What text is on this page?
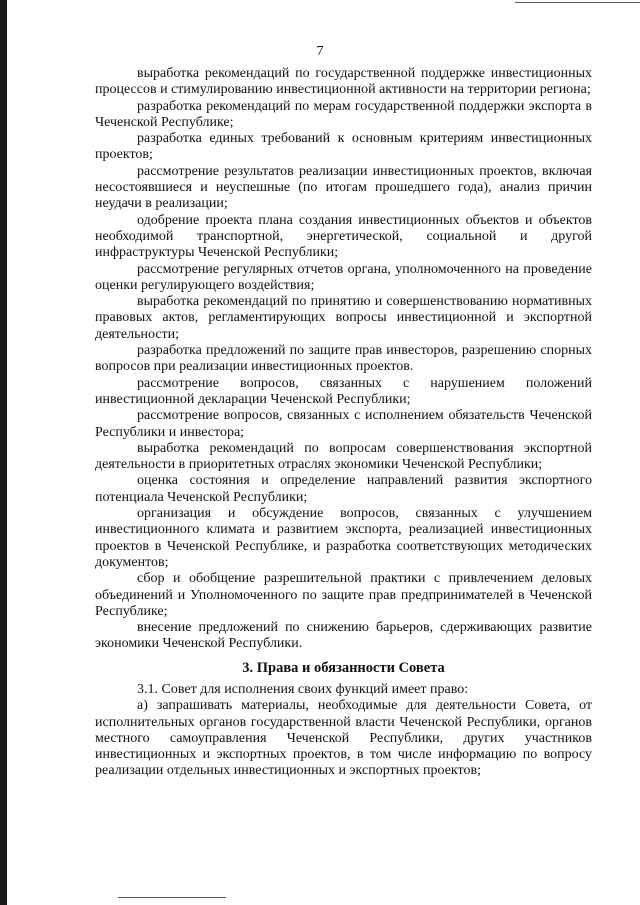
7

выработка рекомендаций по государственной поддержке инвестиционных процессов и стимулированию инвестиционной активности на территории региона;

разработка рекомендаций по мерам государственной поддержки экспорта в Чеченской Республике;

разработка единых требований к основным критериям инвестиционных проектов;

рассмотрение результатов реализации инвестиционных проектов, включая несостоявшиеся и неуспешные (по итогам прошедшего года), анализ причин неудачи в реализации;

одобрение проекта плана создания инвестиционных объектов и объектов необходимой транспортной, энергетической, социальной и другой инфраструктуры Чеченской Республики;

рассмотрение регулярных отчетов органа, уполномоченного на проведение оценки регулирующего воздействия;

выработка рекомендаций по принятию и совершенствованию нормативных правовых актов, регламентирующих вопросы инвестиционной и экспортной деятельности;

разработка предложений по защите прав инвесторов, разрешению спорных вопросов при реализации инвестиционных проектов.

рассмотрение вопросов, связанных с нарушением положений инвестиционной декларации Чеченской Республики;

рассмотрение вопросов, связанных с исполнением обязательств Чеченской Республики и инвестора;

выработка рекомендаций по вопросам совершенствования экспортной деятельности в приоритетных отраслях экономики Чеченской Республики;

оценка состояния и определение направлений развития экспортного потенциала Чеченской Республики;

организация и обсуждение вопросов, связанных с улучшением инвестиционного климата и развитием экспорта, реализацией инвестиционных проектов в Чеченской Республике, и разработка соответствующих методических документов;

сбор и обобщение разрешительной практики с привлечением деловых объединений и Уполномоченного по защите прав предпринимателей в Чеченской Республике;

внесение предложений по снижению барьеров, сдерживающих развитие экономики Чеченской Республики.

3. Права и обязанности Совета

3.1. Совет для исполнения своих функций имеет право:

а) запрашивать материалы, необходимые для деятельности Совета, от исполнительных органов государственной власти Чеченской Республики, органов местного самоуправления Чеченской Республики, других участников инвестиционных и экспортных проектов, в том числе информацию по вопросу реализации отдельных инвестиционных и экспортных проектов;
